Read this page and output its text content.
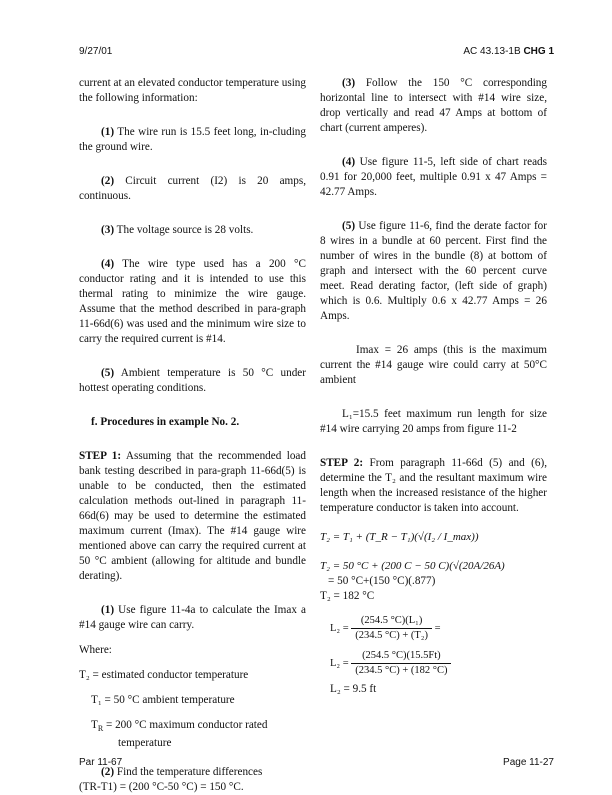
9/27/01	AC 43.13-1B CHG 1

current at an elevated conductor temperature using the following information:

(1) The wire run is 15.5 feet long, in-cluding the ground wire.

(2) Circuit current (I2) is 20 amps, continuous.

(3) The voltage source is 28 volts.

(4) The wire type used has a 200 °C conductor rating and it is intended to use this thermal rating to minimize the wire gauge. Assume that the method described in para-graph 11-66d(6) was used and the minimum wire size to carry the required current is #14.

(5) Ambient temperature is 50 °C under hottest operating conditions.

f. Procedures in example No. 2.

STEP 1: Assuming that the recommended load bank testing described in para-graph 11-66d(5) is unable to be conducted, then the estimated calculation methods out-lined in paragraph 11-66d(6) may be used to determine the estimated maximum current (Imax). The #14 gauge wire mentioned above can carry the required current at 50 °C ambient (allowing for altitude and bundle derating).

(1) Use figure 11-4a to calculate the Imax a #14 gauge wire can carry.

Where:

T₂ = estimated conductor temperature

T₁ = 50 °C ambient temperature

$T_R = 200$ °C maximum conductor rated

temperature

(2) Find the temperature differences

(TR-T1) = (200 °C-50 °C) = 150 °C.

(3) Follow the 150 °C corresponding horizontal line to intersect with #14 wire size, drop vertically and read 47 Amps at bottom of chart (current amperes).

(4) Use figure 11-5, left side of chart reads 0.91 for 20,000 feet, multiple 0.91 x 47 Amps = 42.77 Amps.

(5) Use figure 11-6, find the derate factor for 8 wires in a bundle at 60 percent. First find the number of wires in the bundle (8) at bottom of graph and intersect with the 60 percent curve meet. Read derating factor, (left side of graph) which is 0.6. Multiply 0.6 x 42.77 Amps = 26 Amps.

Imax = 26 amps (this is the maximum current the #14 gauge wire could carry at 50°C ambient

L₁=15.5 feet maximum run length for size #14 wire carrying 20 amps from figure 11-2

STEP 2: From paragraph 11-66d (5) and (6), determine the T₂ and the resultant maximum wire length when the increased resistance of the higher temperature conductor is taken into account.

T₂ = T₁ + (T_R − T₁)(√(I₂ / I_max))

T₂ = 50 °C + (200 C − 50 C)(√(20A/26A)

= 50 °C+(150 °C)(.877)

T₂ = 182 °C

$L_2 = \frac{\text{(254.5 °C)(L₁)}}{\text{(234.5 °C) + (T₂)}}$ =
$L_2 = \frac{(254.5 ^\circ C)(15.5Ft)}{(234.5 ^\circ C) + (182 ^\circ C)}$

L₂ = 9.5 ft

Par 11-67	Page 11-27
